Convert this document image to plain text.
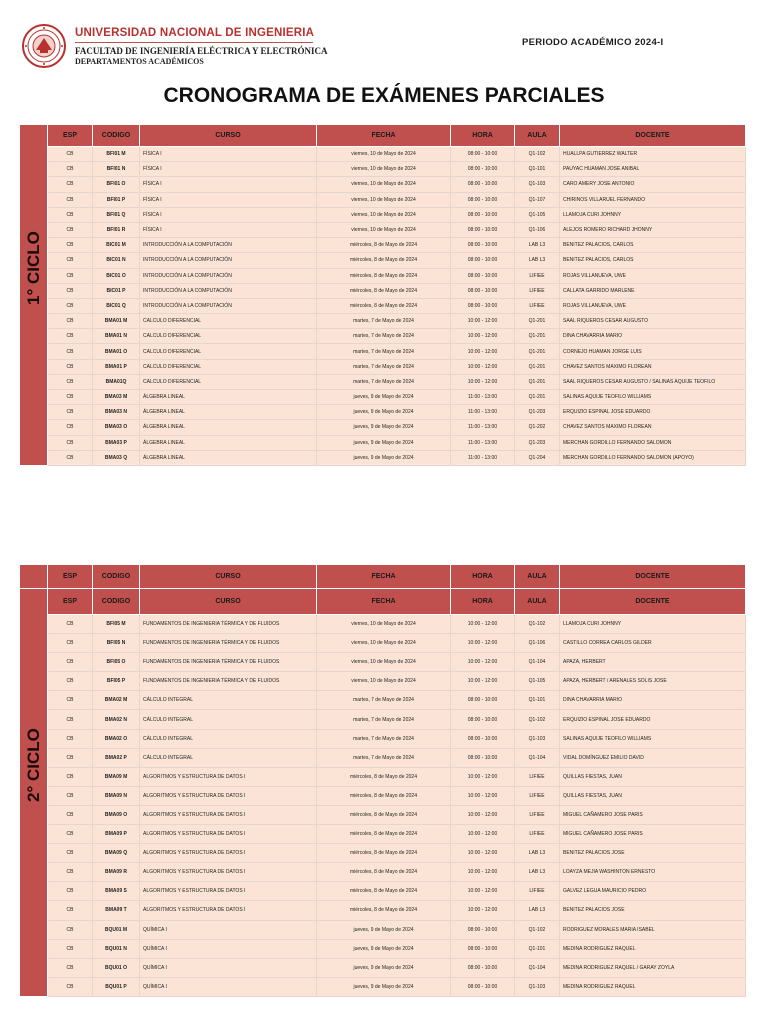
UNIVERSIDAD NACIONAL DE INGENIERIA
FACULTAD DE INGENIERÍA ELÉCTRICA Y ELECTRÓNICA
DEPARTAMENTOS ACADÉMICOS
PERIODO ACADÉMICO 2024-I
CRONOGRAMA DE EXÁMENES PARCIALES
1° CICLO	ESP	CODIGO	CURSO	FECHA	HORA	AULA	DOCENTE
	CB	BFI01 M	FÍSICA I	viernes, 10 de Mayo de 2024	08:00 - 10:00	Q1-102	HUALLPA GUTIERREZ WALTER
	CB	BFI01 N	FÍSICA I	viernes, 10 de Mayo de 2024	08:00 - 10:00	Q1-101	PAUYAC HUAMAN JOSE ANIBAL
	CB	BFI01 O	FÍSICA I	viernes, 10 de Mayo de 2024	08:00 - 10:00	Q1-103	CARO AMERY JOSE ANTONIO
	CB	BFI01 P	FÍSICA I	viernes, 10 de Mayo de 2024	08:00 - 10:00	Q1-107	CHIRINOS VILLARUEL FERNANDO
	CB	BFI01 Q	FÍSICA I	viernes, 10 de Mayo de 2024	08:00 - 10:00	Q1-105	LLAMOJA CURI JOHNNY
	CB	BFI01 R	FÍSICA I	viernes, 10 de Mayo de 2024	08:00 - 10:00	Q1-106	ALEJOS ROMERO RICHARD JHONNY
	CB	BIC01 M	INTRODUCCIÓN A LA COMPUTACIÓN	miércoles, 8 de Mayo de 2024	08:00 - 10:00	LAB L3	BENITEZ PALACIOS, CARLOS
	CB	BIC01 N	INTRODUCCIÓN A LA COMPUTACIÓN	miércoles, 8 de Mayo de 2024	08:00 - 10:00	LAB L3	BENITEZ PALACIOS, CARLOS
	CB	BIC01 O	INTRODUCCIÓN A LA COMPUTACIÓN	miércoles, 8 de Mayo de 2024	08:00 - 10:00	LIFIEE	ROJAS VILLANUEVA, UWE
	CB	BIC01 P	INTRODUCCIÓN A LA COMPUTACIÓN	miércoles, 8 de Mayo de 2024	08:00 - 10:00	LIFIEE	CALLATA GARRIDO MARLENE
	CB	BIC01 Q	INTRODUCCIÓN A LA COMPUTACIÓN	miércoles, 8 de Mayo de 2024	08:00 - 10:00	LIFIEE	ROJAS VILLANUEVA, UWE
	CB	BMA01 M	CALCULO DIFERENCIAL	martes, 7 de Mayo de 2024	10:00 - 12:00	Q1-201	SAAL RIQUEROS CESAR AUGUSTO
	CB	BMA01 N	CALCULO DIFERENCIAL	martes, 7 de Mayo de 2024	10:00 - 12:00	Q1-201	DINA CHAVARRIA MARIO
	CB	BMA01 O	CALCULO DIFERENCIAL	martes, 7 de Mayo de 2024	10:00 - 12:00	Q1-201	CORNEJO HUAMAN JORGE LUIS
	CB	BMA01 P	CALCULO DIFERENCIAL	martes, 7 de Mayo de 2024	10:00 - 12:00	Q1-201	CHAVEZ SANTOS MAXIMO FLOREAN
	CB	BMA01Q	CALCULO DIFERENCIAL	martes, 7 de Mayo de 2024	10:00 - 12:00	Q1-201	SAAL RIQUEROS CESAR AUGUSTO / SALINAS AQUIJE TEOFILO
	CB	BMA03 M	ÁLGEBRA LINEAL	jueves, 9 de Mayo de 2024	11:00 - 13:00	Q1-201	SALINAS AQUIJE TEOFILO WILLIAMS
	CB	BMA03 N	ÁLGEBRA LINEAL	jueves, 9 de Mayo de 2024	11:00 - 13:00	Q1-203	ERQUIZIO ESPINAL JOSE EDUARDO
	CB	BMA03 O	ÁLGEBRA LINEAL	jueves, 9 de Mayo de 2024	11:00 - 13:00	Q1-202	CHAVEZ SANTOS MAXIMO FLOREAN
	CB	BMA03 P	ÁLGEBRA LINEAL	jueves, 9 de Mayo de 2024	11:00 - 13:00	Q1-203	MERCHAN GORDILLO FERNANDO SALOMON
	CB	BMA03 Q	ÁLGEBRA LINEAL	jueves, 9 de Mayo de 2024	11:00 - 13:00	Q1-204	MERCHAN GORDILLO FERNANDO SALOMON (APOYO)
	ESP	CODIGO	CURSO	FECHA	HORA	AULA	DOCENTE

2° CICLO	ESP	CODIGO	CURSO	FECHA	HORA	AULA	DOCENTE
	CB	BFI05 M	FUNDAMENTOS DE INGENIERIA TÉRMICA Y DE FLUIDOS	viernes, 10 de Mayo de 2024	10:00 - 12:00	Q1-102	LLAMOJA CURI JOHNNY
	CB	BFI05 N	FUNDAMENTOS DE INGENIERIA TÉRMICA Y DE FLUIDOS	viernes, 10 de Mayo de 2024	10:00 - 12:00	Q1-106	CASTILLO CORREA CARLOS GILDER
	CB	BFI05 O	FUNDAMENTOS DE INGENIERIA TÉRMICA Y DE FLUIDOS	viernes, 10 de Mayo de 2024	10:00 - 12:00	Q1-104	APAZA, HERBERT
	CB	BFI05 P	FUNDAMENTOS DE INGENIERIA TÉRMICA Y DE FLUIDOS	viernes, 10 de Mayo de 2024	10:00 - 12:00	Q1-105	APAZA, HERBERT / ARENALES SOLIS JOSE
	CB	BMA02 M	CÁLCULO INTEGRAL	martes, 7 de Mayo de 2024	08:00 - 10:00	Q1-101	DINA CHAVARRIA MARIO
	CB	BMA02 N	CÁLCULO INTEGRAL	martes, 7 de Mayo de 2024	08:00 - 10:00	Q1-102	ERQUIZIO ESPINAL JOSE EDUARDO
	CB	BMA02 O	CÁLCULO INTEGRAL	martes, 7 de Mayo de 2024	08:00 - 10:00	Q1-103	SALINAS AQUIJE TEOFILO WILLIAMS
	CB	BMA02 P	CÁLCULO INTEGRAL	martes, 7 de Mayo de 2024	08:00 - 10:00	Q1-104	VIDAL DOMÍNGUEZ EMILIO DAVID
	CB	BMA09 M	ALGORITMOS Y ESTRUCTURA DE DATOS I	miércoles, 8 de Mayo de 2024	10:00 - 12:00	LIFIEE	QUILLAS FIESTAS, JUAN
	CB	BMA09 N	ALGORITMOS Y ESTRUCTURA DE DATOS I	miércoles, 8 de Mayo de 2024	10:00 - 12:00	LIFIEE	QUILLAS FIESTAS, JUAN
	CB	BMA09 O	ALGORITMOS Y ESTRUCTURA DE DATOS I	miércoles, 8 de Mayo de 2024	10:00 - 12:00	LIFIEE	MIGUEL CAÑAMERO JOSE PARIS
	CB	BMA09 P	ALGORITMOS Y ESTRUCTURA DE DATOS I	miércoles, 8 de Mayo de 2024	10:00 - 12:00	LIFIEE	MIGUEL CAÑAMERO JOSE PARIS
	CB	BMA09 Q	ALGORITMOS Y ESTRUCTURA DE DATOS I	miércoles, 8 de Mayo de 2024	10:00 - 12:00	LAB L3	BENITEZ PALACIOS JOSE
	CB	BMA09 R	ALGORITMOS Y ESTRUCTURA DE DATOS I	miércoles, 8 de Mayo de 2024	10:00 - 12:00	LAB L3	LOAYZA MEJIA WASHINTON ERNESTO
	CB	BMA09 S	ALGORITMOS Y ESTRUCTURA DE DATOS I	miércoles, 8 de Mayo de 2024	10:00 - 12:00	LIFIEE	GALVEZ LEGUA MAURICIO PEDRO
	CB	BMA09 T	ALGORITMOS Y ESTRUCTURA DE DATOS I	miércoles, 8 de Mayo de 2024	10:00 - 12:00	LAB L3	BENITEZ PALACIOS JOSE
	CB	BQU01 M	QUÍMICA I	jueves, 9 de Mayo de 2024	08:00 - 10:00	Q1-102	RODRIGUEZ MORALES MARIA ISABEL
	CB	BQU01 N	QUÍMICA I	jueves, 9 de Mayo de 2024	08:00 - 10:00	Q1-101	MEDINA RODRIGUEZ RAQUEL
	CB	BQU01 O	QUÍMICA I	jueves, 9 de Mayo de 2024	08:00 - 10:00	Q1-104	MEDINA RODRIGUEZ RAQUEL / GARAY ZOYLA
	CB	BQU01 P	QUÍMICA I	jueves, 9 de Mayo de 2024	08:00 - 10:00	Q1-103	MEDINA RODRIGUEZ RAQUEL
